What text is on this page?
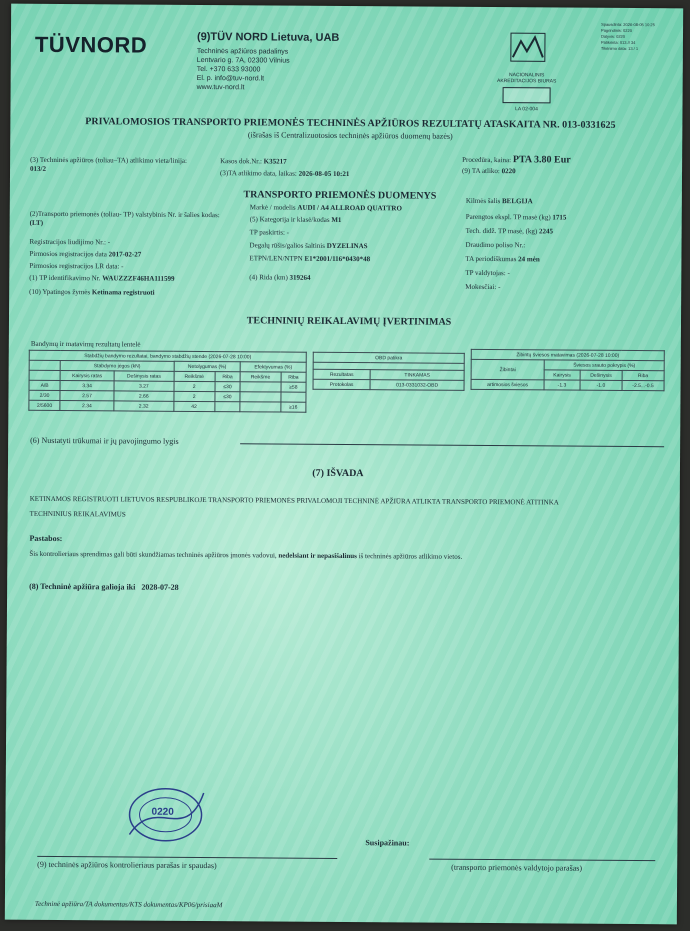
TÜVNORD	(9)TÜV NORD Lietuva, UAB
Techninės apžiūros padalinys
Lentvario g. 7A, 02300 Vilnius
Tel. +370 633 93000
El. p. info@tuv-nord.lt
www.tuv-nord.lt
NACIONALINIS
AKREDITACIJOS BIURAS
LA 02-004
Spausdinta: 2026-08-05 10:25
Pagrindinis: 0220
Dalyvis: 0220
Patikrinta: 013 // 34
Tikrinimo data: 13 / 1
PRIVALOMOSIOS TRANSPORTO PRIEMONĖS TECHNINĖS APŽIŪROS REZULTATŲ ATASKAITA NR. 013-0331625
(išrašas iš Centralizuotosios techninės apžiūros duomenų bazės)
(3) Techninės apžiūros (toliau–TA) atlikimo vieta/linija: 013/2
Kasos dok.Nr.: K35217
(3)TA atlikimo data, laikas: 2026-08-05 10:21
Procedūra, kaina: PTA 3.80 Eur
(9) TA atliko: 0220
TRANSPORTO PRIEMONĖS DUOMENYS
(2)Transporto priemonės (toliau- TP) valstybinis Nr. ir šalies kodas: (LT)
Registracijos liudijimo Nr.: -
Pirmosios registracijos data 2017-02-27
Pirmosios registracijos LR data: -
(1) TP identifikavimo Nr. WAUZZZF46HA111599
(10) Ypatingos žymės Ketinama registruoti
Markė / modelis AUDI / A4 ALLROAD QUATTRO
(5) Kategorija ir klasė/kodas M1
TP paskirtis: -
Degalų rūšis/galios šaltinis DYZELINAS
ETPN/LEN/NTPN E1*2001/116*0430*48
(4) Rida (km) 319264
Kilmės šalis BELGIJA
Parengtos ekspl. TP masė (kg) 1715
Tech. didž. TP masė, (kg) 2245
Draudimo poliso Nr.:
TA periodiškumas 24 mėn
TP valdytojas: -
Mokesčiai: -
TECHNINIŲ REIKALAVIMŲ ĮVERTINIMAS
Bandymų ir matavimų rezultatų lentelė
Stabdžių bandymo rezultatai, bandymo stabdžių stende (2026-07-28 10:00)						
	Stabdymo jėgos (kN)		Netolygumas (%)		Efektyvumas (%)	
	Kairysis ratas	Dešinysis ratas	Reikšmė	Riba	Reikšmė	Riba
A/B	3.34	3.27	2	≤30		≥58
2/30	2.57	2.66	2	≤30		
2/5600	2.34	2.32	42			≥16
OBD patikra	

Rezultatas	TINKAMAS
Protokolas	013-0331032-OBD
Žibintų šviesos matavimas (2026-07-28 10:00)			
Žibintai	Šviesos srauto pokrypis (%)		
	Kairysis	Dešinysis	Riba
artimosios šviesos	-1.3	-1.0	-2.5...-0.5
(6) Nustatyti trūkumai ir jų pavojingumo lygis
(7) IŠVADA
KETINAMOS REGISTRUOTI LIETUVOS RESPUBLIKOJE TRANSPORTO PRIEMONĖS PRIVALOMOJI TECHNINĖ APŽIŪRA ATLIKTA TRANSPORTO PRIEMONĖ ATITINKA TECHNINIUS REIKALAVIMUS
Pastabos:
Šis kontrolieriaus sprendimas gali būti skundžiamas techninės apžiūros įmonės vadovui, nedelsiant ir nepasišalinus iš techninės apžiūros atlikimo vietos.
(8) Techninė apžiūra galioja iki 2028-07-28
0220
(9) techninės apžiūros kontrolieriaus parašas ir spaudas)
Susipažinau:
(transporto priemonės valdytojo parašas)
Techninė apžiūra/TA dokumentas/KTS dokumentas/KP06/prisiaaM
